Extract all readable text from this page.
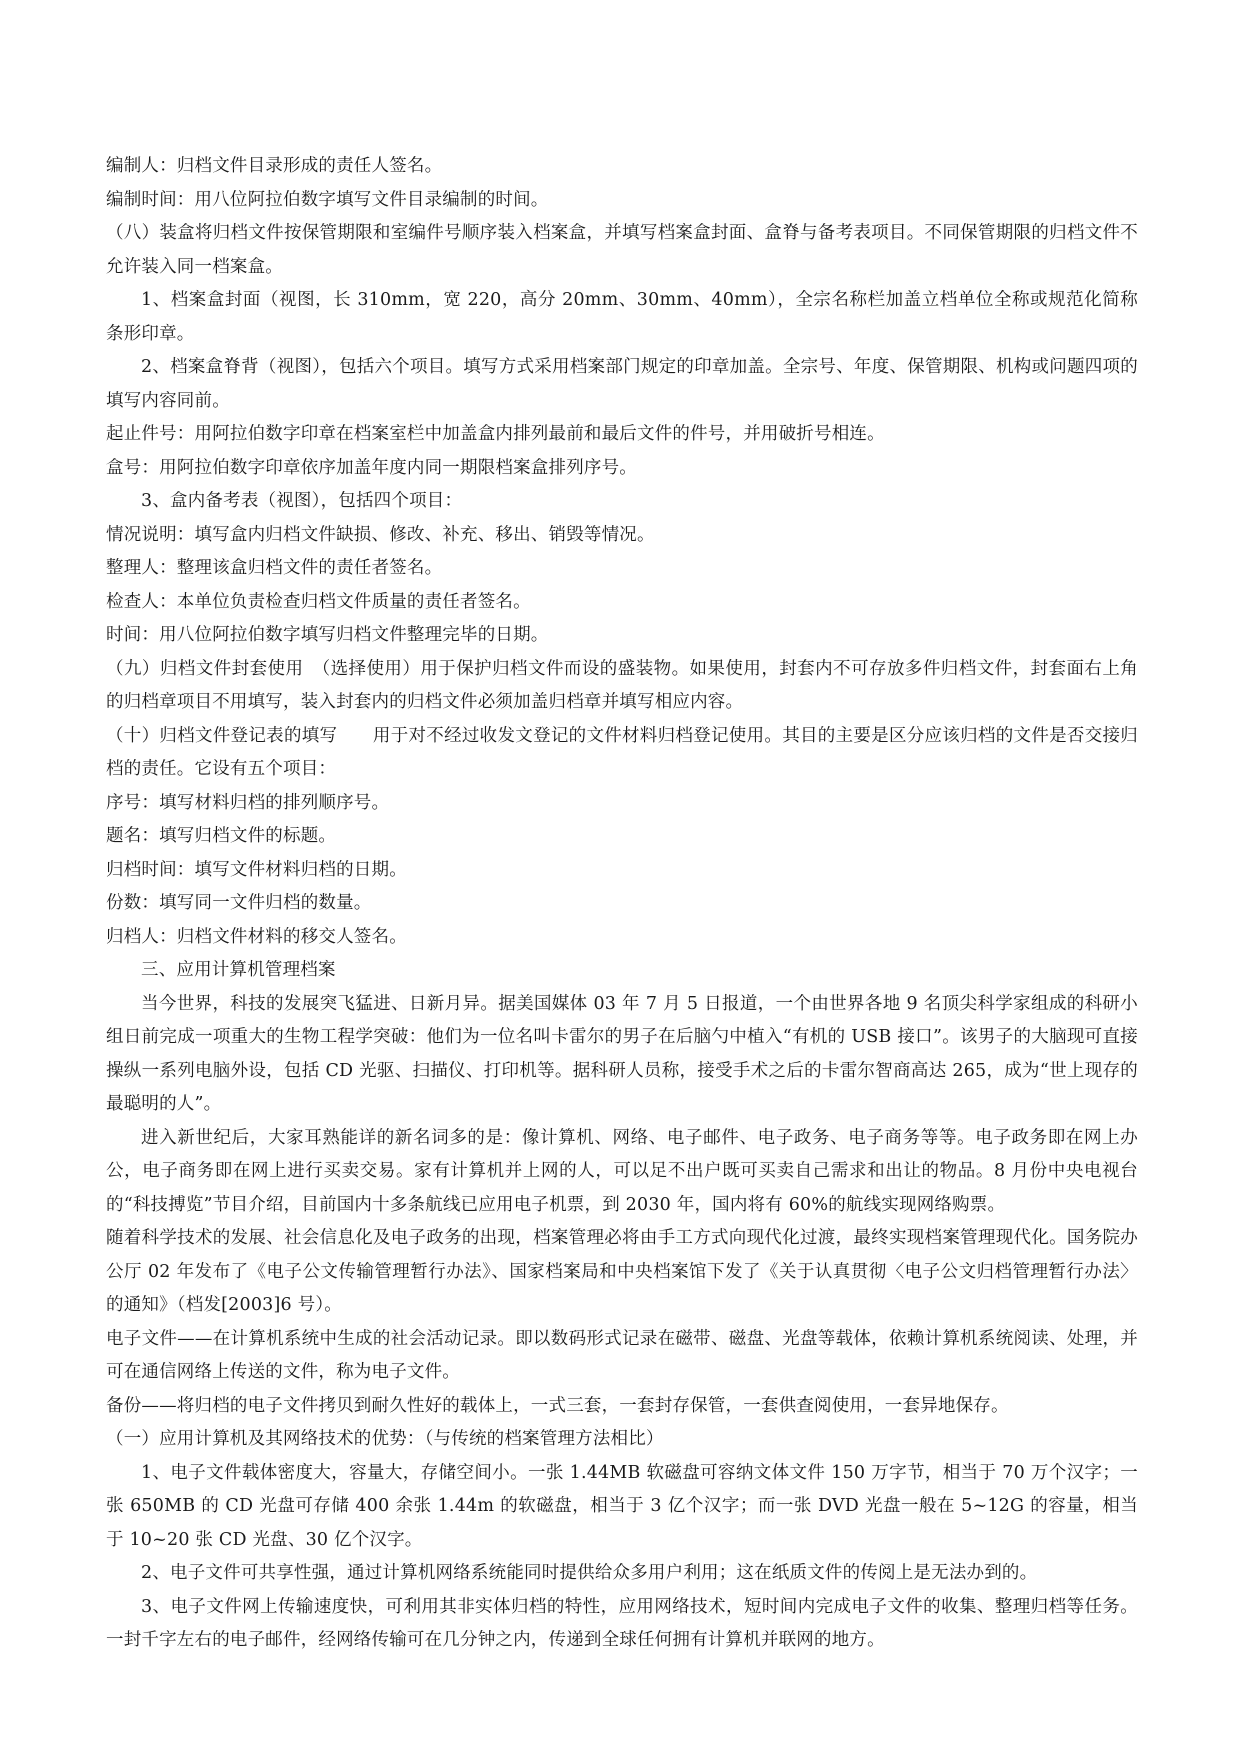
编制人：归档文件目录形成的责任人签名。

编制时间：用八位阿拉伯数字填写文件目录编制的时间。

（八）装盒将归档文件按保管期限和室编件号顺序装入档案盒，并填写档案盒封面、盒脊与备考表项目。不同保管期限的归档文件不允许装入同一档案盒。

1、档案盒封面（视图，长 310mm，宽 220，高分 20mm、30mm、40mm），全宗名称栏加盖立档单位全称或规范化简称条形印章。

2、档案盒脊背（视图），包括六个项目。填写方式采用档案部门规定的印章加盖。全宗号、年度、保管期限、机构或问题四项的填写内容同前。

起止件号：用阿拉伯数字印章在档案室栏中加盖盒内排列最前和最后文件的件号，并用破折号相连。

盒号：用阿拉伯数字印章依序加盖年度内同一期限档案盒排列序号。

3、盒内备考表（视图），包括四个项目：

情况说明：填写盒内归档文件缺损、修改、补充、移出、销毁等情况。

整理人：整理该盒归档文件的责任者签名。

检查人：本单位负责检查归档文件质量的责任者签名。

时间：用八位阿拉伯数字填写归档文件整理完毕的日期。

（九）归档文件封套使用　（选择使用）用于保护归档文件而设的盛装物。如果使用，封套内不可存放多件归档文件，封套面右上角的归档章项目不用填写，装入封套内的归档文件必须加盖归档章并填写相应内容。

（十）归档文件登记表的填写　　用于对不经过收发文登记的文件材料归档登记使用。其目的主要是区分应该归档的文件是否交接归档的责任。它设有五个项目：

序号：填写材料归档的排列顺序号。

题名：填写归档文件的标题。

归档时间：填写文件材料归档的日期。

份数：填写同一文件归档的数量。

归档人：归档文件材料的移交人签名。

三、应用计算机管理档案

当今世界，科技的发展突飞猛进、日新月异。据美国媒体 03 年 7 月 5 日报道，一个由世界各地 9 名顶尖科学家组成的科研小组日前完成一项重大的生物工程学突破：他们为一位名叫卡雷尔的男子在后脑勺中植入“有机的 USB 接口”。该男子的大脑现可直接操纵一系列电脑外设，包括 CD 光驱、扫描仪、打印机等。据科研人员称，接受手术之后的卡雷尔智商高达 265，成为“世上现存的最聪明的人”。

进入新世纪后，大家耳熟能详的新名词多的是：像计算机、网络、电子邮件、电子政务、电子商务等等。电子政务即在网上办公，电子商务即在网上进行买卖交易。家有计算机并上网的人，可以足不出户既可买卖自己需求和出让的物品。8 月份中央电视台的“科技搏览”节目介绍，目前国内十多条航线已应用电子机票，到 2030 年，国内将有 60%的航线实现网络购票。

随着科学技术的发展、社会信息化及电子政务的出现，档案管理必将由手工方式向现代化过渡，最终实现档案管理现代化。国务院办公厅 02 年发布了《电子公文传输管理暂行办法》、国家档案局和中央档案馆下发了《关于认真贯彻〈电子公文归档管理暂行办法〉的通知》（档发[2003]6 号）。

电子文件——在计算机系统中生成的社会活动记录。即以数码形式记录在磁带、磁盘、光盘等载体，依赖计算机系统阅读、处理，并可在通信网络上传送的文件，称为电子文件。

备份——将归档的电子文件拷贝到耐久性好的载体上，一式三套，一套封存保管，一套供查阅使用，一套异地保存。

（一）应用计算机及其网络技术的优势：（与传统的档案管理方法相比）

1、电子文件载体密度大，容量大，存储空间小。一张 1.44MB 软磁盘可容纳文体文件 150 万字节，相当于 70 万个汉字；一张 650MB 的 CD 光盘可存储 400 余张 1.44m 的软磁盘，相当于 3 亿个汉字；而一张 DVD 光盘一般在 5~12G 的容量，相当于 10~20 张 CD 光盘、30 亿个汉字。

2、电子文件可共享性强，通过计算机网络系统能同时提供给众多用户利用；这在纸质文件的传阅上是无法办到的。

3、电子文件网上传输速度快，可利用其非实体归档的特性，应用网络技术，短时间内完成电子文件的收集、整理归档等任务。一封千字左右的电子邮件，经网络传输可在几分钟之内，传递到全球任何拥有计算机并联网的地方。
